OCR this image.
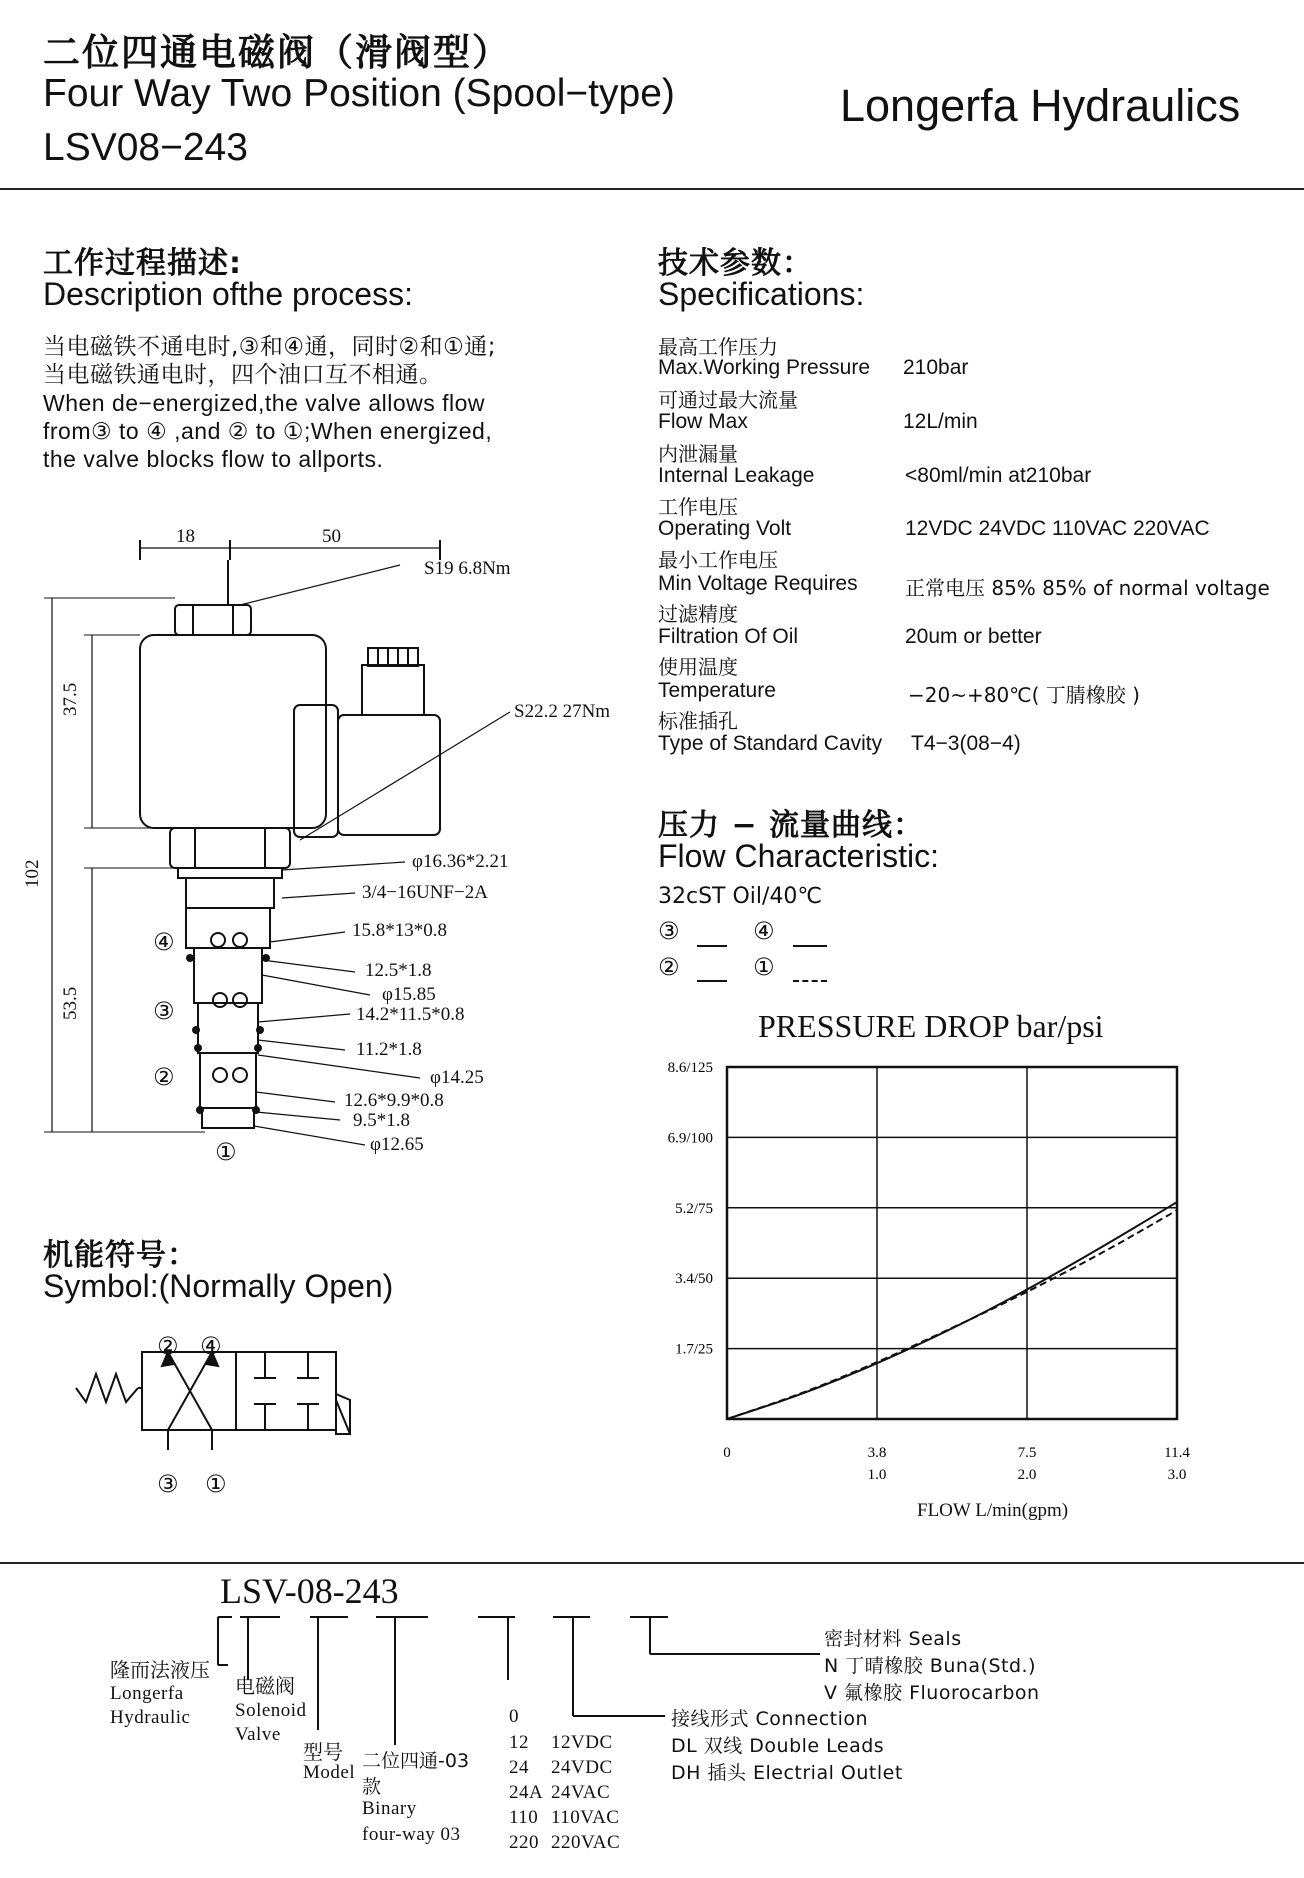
二位四通电磁阀（滑阀型）
Four Way Two Position (Spool−type)
LSV08−243
Longerfa Hydraulics
工作过程描述:
Description ofthe process:
当电磁铁不通电时,③和④通，同时②和①通;
当电磁铁通电时，四个油口互不相通。
When de−energized,the valve allows flow
from③ to ④ ,and ② to ①;When energized,
the valve blocks flow to allports.
18	50
S19 6.8Nm
S22.2 27Nm
37.5
102
53.5
φ16.36*2.21
3/4−16UNF−2A
15.8*13*0.8
12.5*1.8
φ15.85
14.2*11.5*0.8
11.2*1.8
φ14.25
12.6*9.9*0.8
9.5*1.8
φ12.65
④
③
②
①
技术参数：
Specifications:
最高工作压力
Max.Working Pressure 210bar
可通过最大流量
Flow Max	12L/min
内泄漏量
Internal Leakage	<80ml/min at210bar
工作电压
Operating Volt	12VDC 24VDC 110VAC 220VAC
最小工作电压
Min Voltage Requires 正常电压 85% 85% of normal voltage
过滤精度
Filtration Of Oil	20um or better
使用温度
Temperature	−20~+80℃( 丁腈橡胶 )
标准插孔
Type of Standard Cavity T4−3(08−4)
压力 − 流量曲线：
Flow Characteristic:
32cST Oil/40℃
③	④
②	①
PRESSURE DROP bar/psi
1.7/25
3.4/50
5.2/75
6.9/100
8.6/125
0	3.8
1.0
7.5
2.0
11.4
3.0
FLOW L/min(gpm)
机能符号：
Symbol:(Normally Open)
② ④
③ ①
LSV-08-243
隆而法液压
Longerfa
Hydraulic
电磁阀
Solenoid
Valve
型号
Model
二位四通-03
款
Binary
four-way 03
0
12 12VDC
24 24VDC
24A 24VAC
110 110VAC
220 220VAC
接线形式 Connection
DL 双线 Double Leads
DH 插头 Electrial Outlet
密封材料 Seals
N 丁晴橡胶 Buna(Std.)
V 氟橡胶 Fluorocarbon
